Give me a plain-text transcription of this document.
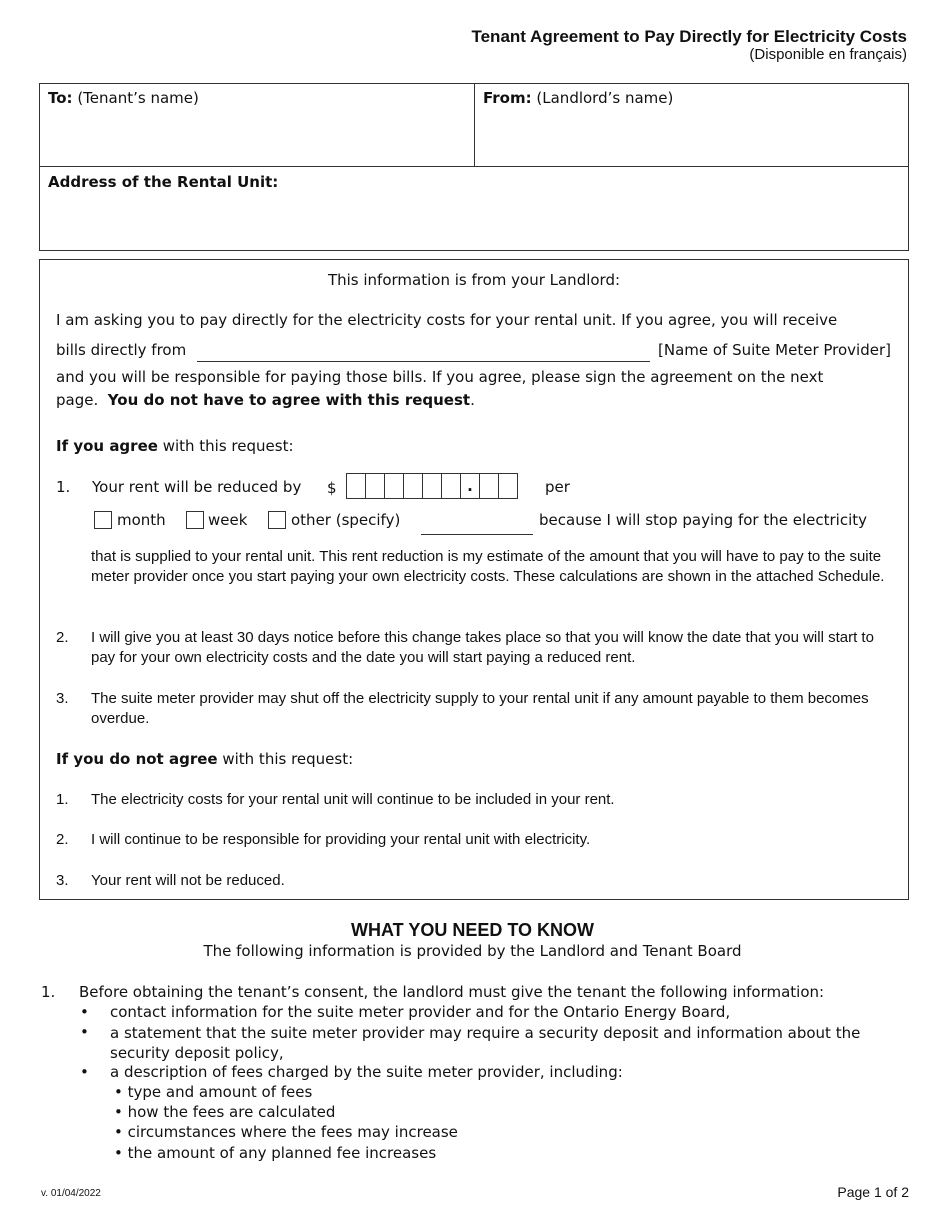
Tenant Agreement to Pay Directly for Electricity Costs
(Disponible en français)
To: (Tenant’s name)	From: (Landlord’s name)
Address of the Rental Unit:
This information is from your Landlord:
I am asking you to pay directly for the electricity costs for your rental unit. If you agree, you will receive
bills directly from	[Name of Suite Meter Provider]
and you will be responsible for paying those bills. If you agree, please sign the agreement on the next
page. You do not have to agree with this request.
If you agree with this request:
1. Your rent will be reduced by $	.	per
month	week	other (specify)	because I will stop paying for the electricity
that is supplied to your rental unit. This rent reduction is my estimate of the amount that you will have to pay to the suite meter provider once you start paying your own electricity costs. These calculations are shown in the attached Schedule.
2. I will give you at least 30 days notice before this change takes place so that you will know the date that you will start to pay for your own electricity costs and the date you will start paying a reduced rent.
3. The suite meter provider may shut off the electricity supply to your rental unit if any amount payable to them becomes overdue.
If you do not agree with this request:
1. The electricity costs for your rental unit will continue to be included in your rent.
2. I will continue to be responsible for providing your rental unit with electricity.
3. Your rent will not be reduced.
WHAT YOU NEED TO KNOW
The following information is provided by the Landlord and Tenant Board
1. Before obtaining the tenant’s consent, the landlord must give the tenant the following information:
• contact information for the suite meter provider and for the Ontario Energy Board,
• a statement that the suite meter provider may require a security deposit and information about the security deposit policy,
• a description of fees charged by the suite meter provider, including:
• type and amount of fees
• how the fees are calculated
• circumstances where the fees may increase
• the amount of any planned fee increases
v. 01/04/2022	Page 1 of 2
